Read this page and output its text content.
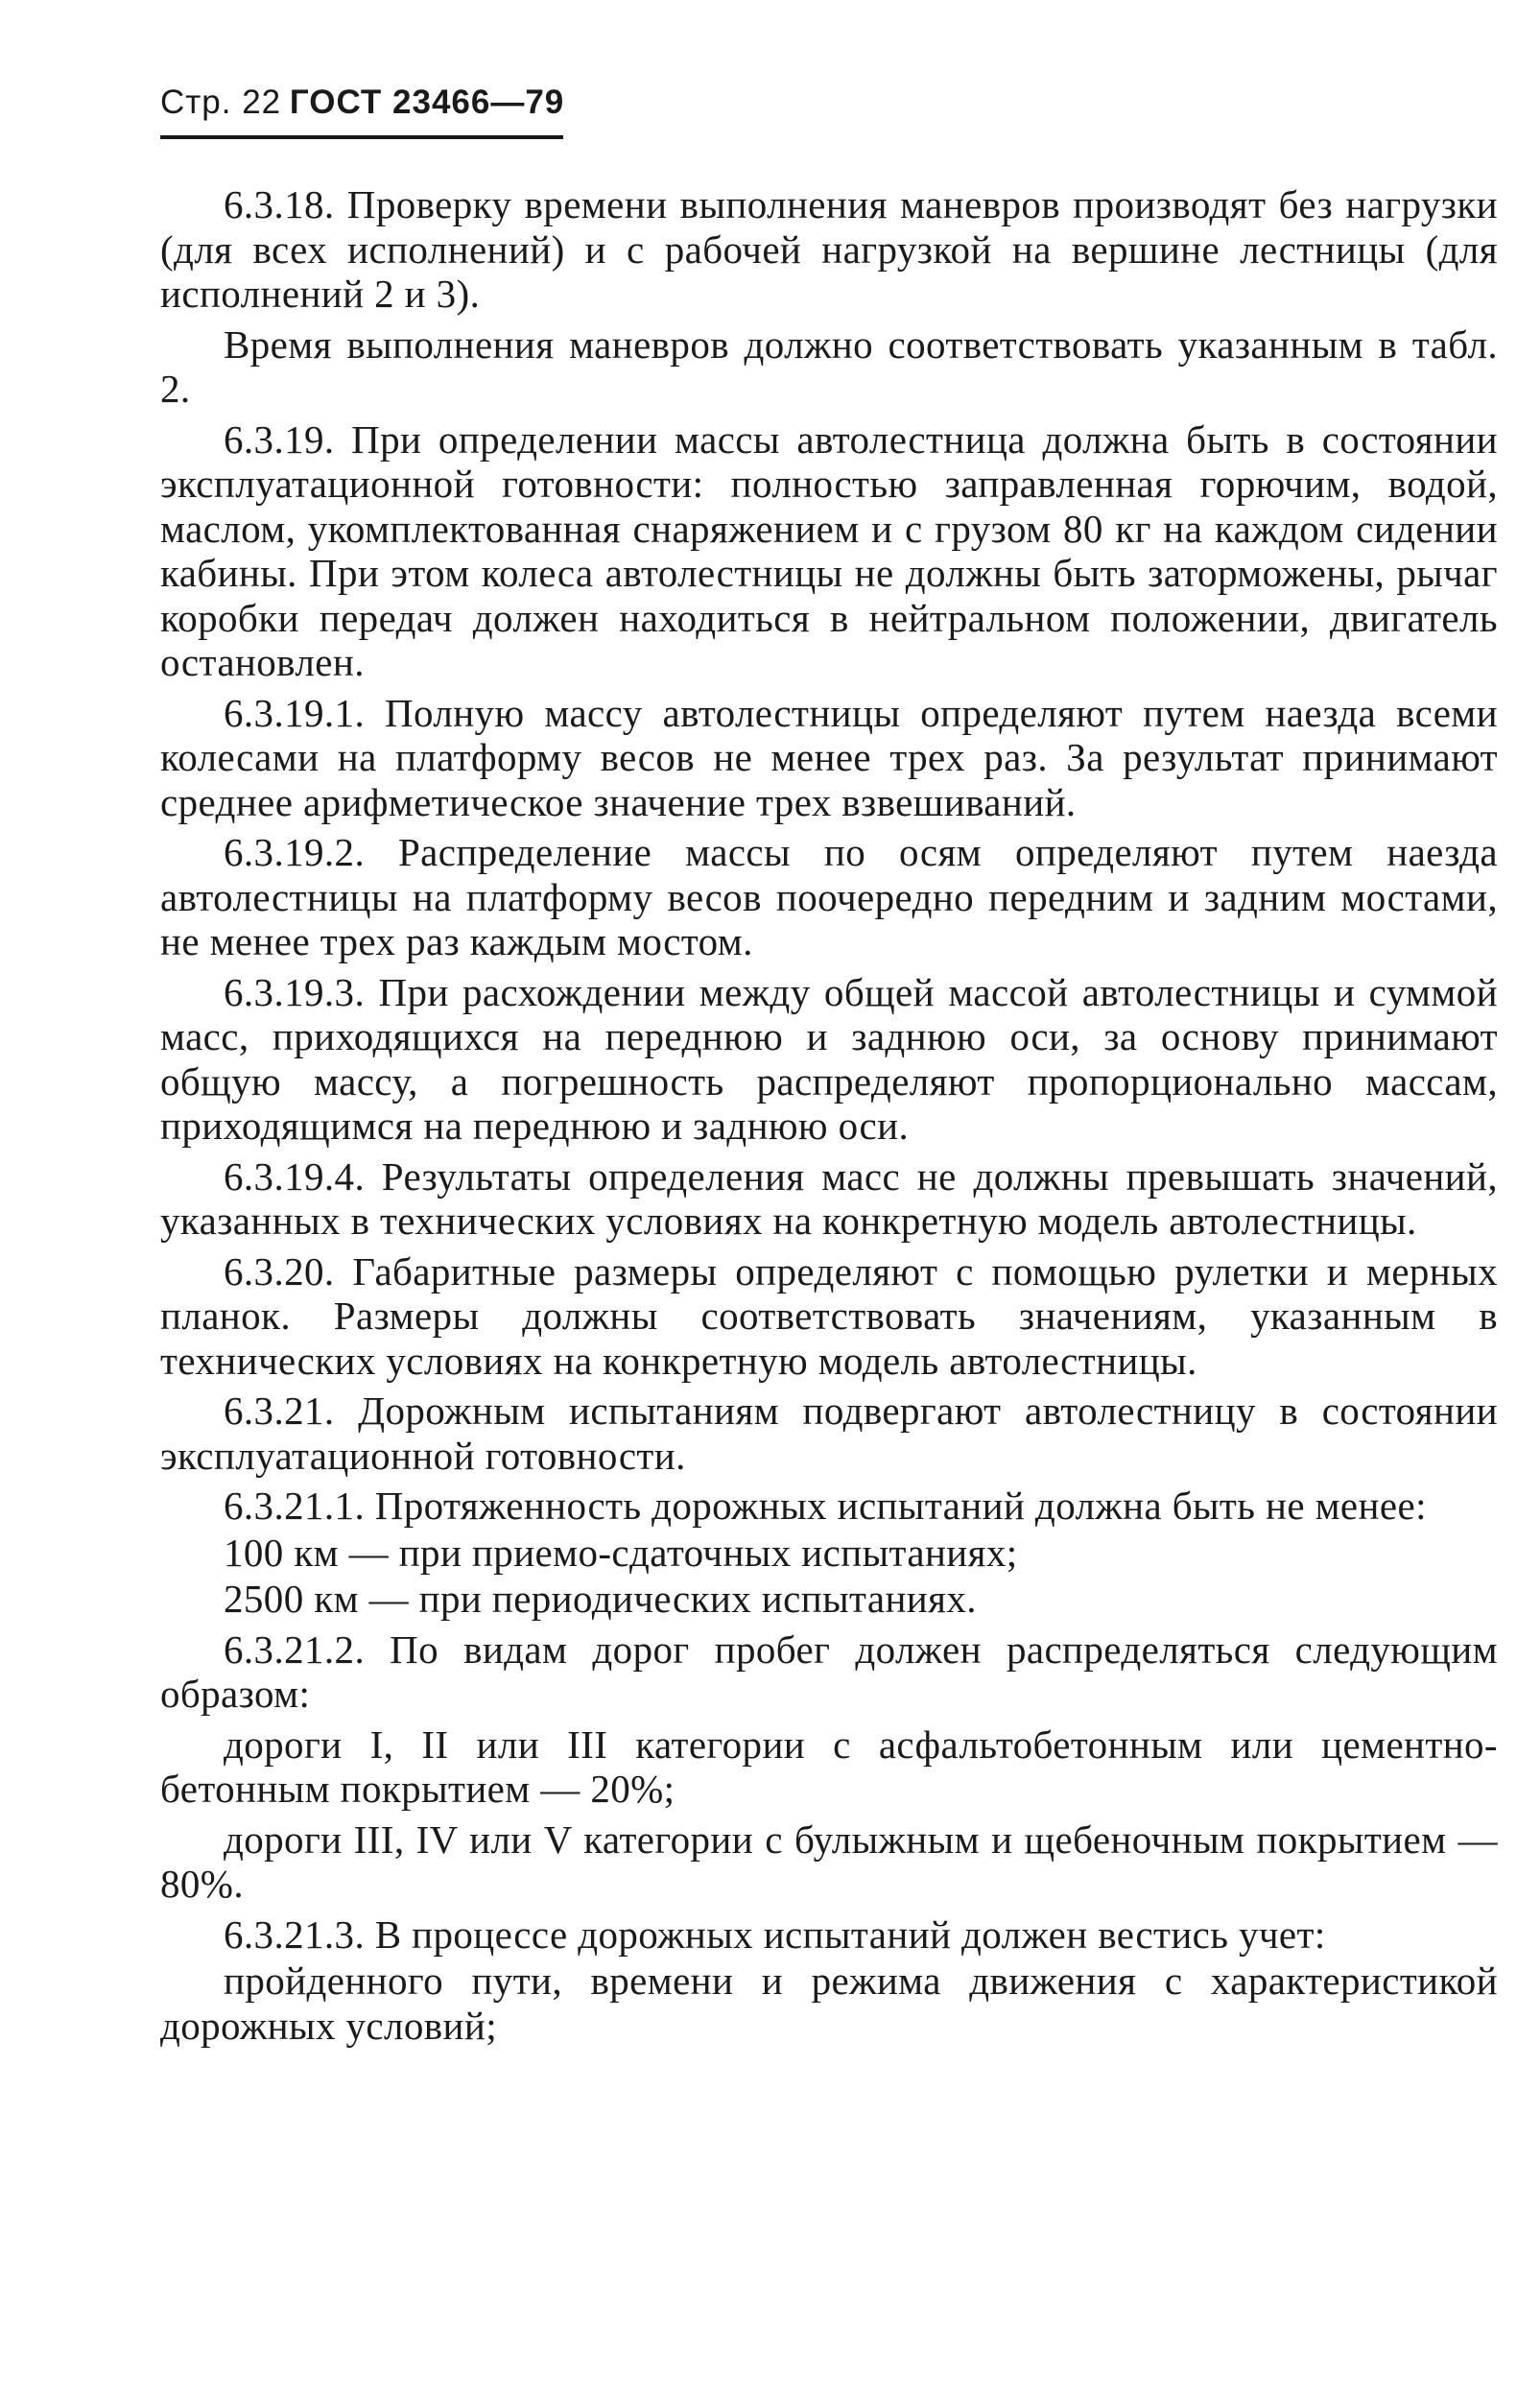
Стр. 22 ГОСТ 23466—79

6.3.18. Проверку времени выполнения маневров производят без нагрузки (для всех исполнений) и с рабочей нагрузкой на вершине лестницы (для исполнений 2 и 3).

Время выполнения маневров должно соответствовать указанным в табл. 2.

6.3.19. При определении массы автолестница должна быть в состоянии эксплуатационной готовности: полностью заправленная горючим, водой, маслом, укомплектованная снаряжением и с грузом 80 кг на каждом сидении кабины. При этом колеса автолестницы не должны быть заторможены, рычаг коробки передач должен находиться в нейтральном положении, двигатель остановлен.

6.3.19.1. Полную массу автолестницы определяют путем наезда всеми колесами на платформу весов не менее трех раз. За результат принимают среднее арифметическое значение трех взвешиваний.

6.3.19.2. Распределение массы по осям определяют путем наезда автолестницы на платформу весов поочередно передним и задним мостами, не менее трех раз каждым мостом.

6.3.19.3. При расхождении между общей массой автолестницы и суммой масс, приходящихся на переднюю и заднюю оси, за основу принимают общую массу, а погрешность распределяют пропорционально массам, приходящимся на переднюю и заднюю оси.

6.3.19.4. Результаты определения масс не должны превышать значений, указанных в технических условиях на конкретную модель автолестницы.

6.3.20. Габаритные размеры определяют с помощью рулетки и мерных планок. Размеры должны соответствовать значениям, указанным в технических условиях на конкретную модель автолестницы.

6.3.21. Дорожным испытаниям подвергают автолестницу в состоянии эксплуатационной готовности.

6.3.21.1. Протяженность дорожных испытаний должна быть не менее:

100 км — при приемо-сдаточных испытаниях;

2500 км — при периодических испытаниях.

6.3.21.2. По видам дорог пробег должен распределяться следующим образом:

дороги I, II или III категории с асфальтобетонным или цементно-бетонным покрытием — 20%;

дороги III, IV или V категории с булыжным и щебеночным покрытием — 80%.

6.3.21.3. В процессе дорожных испытаний должен вестись учет:

пройденного пути, времени и режима движения с характеристикой дорожных условий;
